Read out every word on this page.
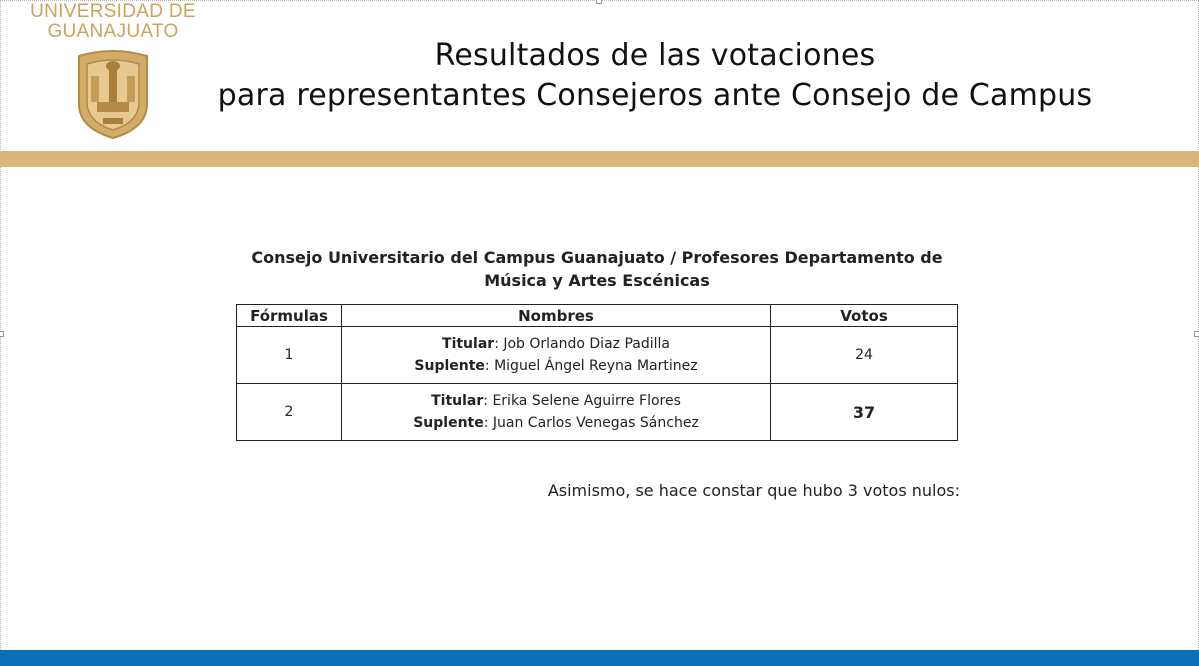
UNIVERSIDAD DE
GUANAJUATO
Resultados de las votaciones
para representantes Consejeros ante Consejo de Campus
Consejo Universitario del Campus Guanajuato / Profesores Departamento de
Música y Artes Escénicas
Fórmulas	Nombres	Votos
1	Titular: Job Orlando Diaz Padilla
Suplente: Miguel Ángel Reyna Martinez	24
2	Titular: Erika Selene Aguirre Flores
Suplente: Juan Carlos Venegas Sánchez	37
Asimismo, se hace constar que hubo 3 votos nulos:
